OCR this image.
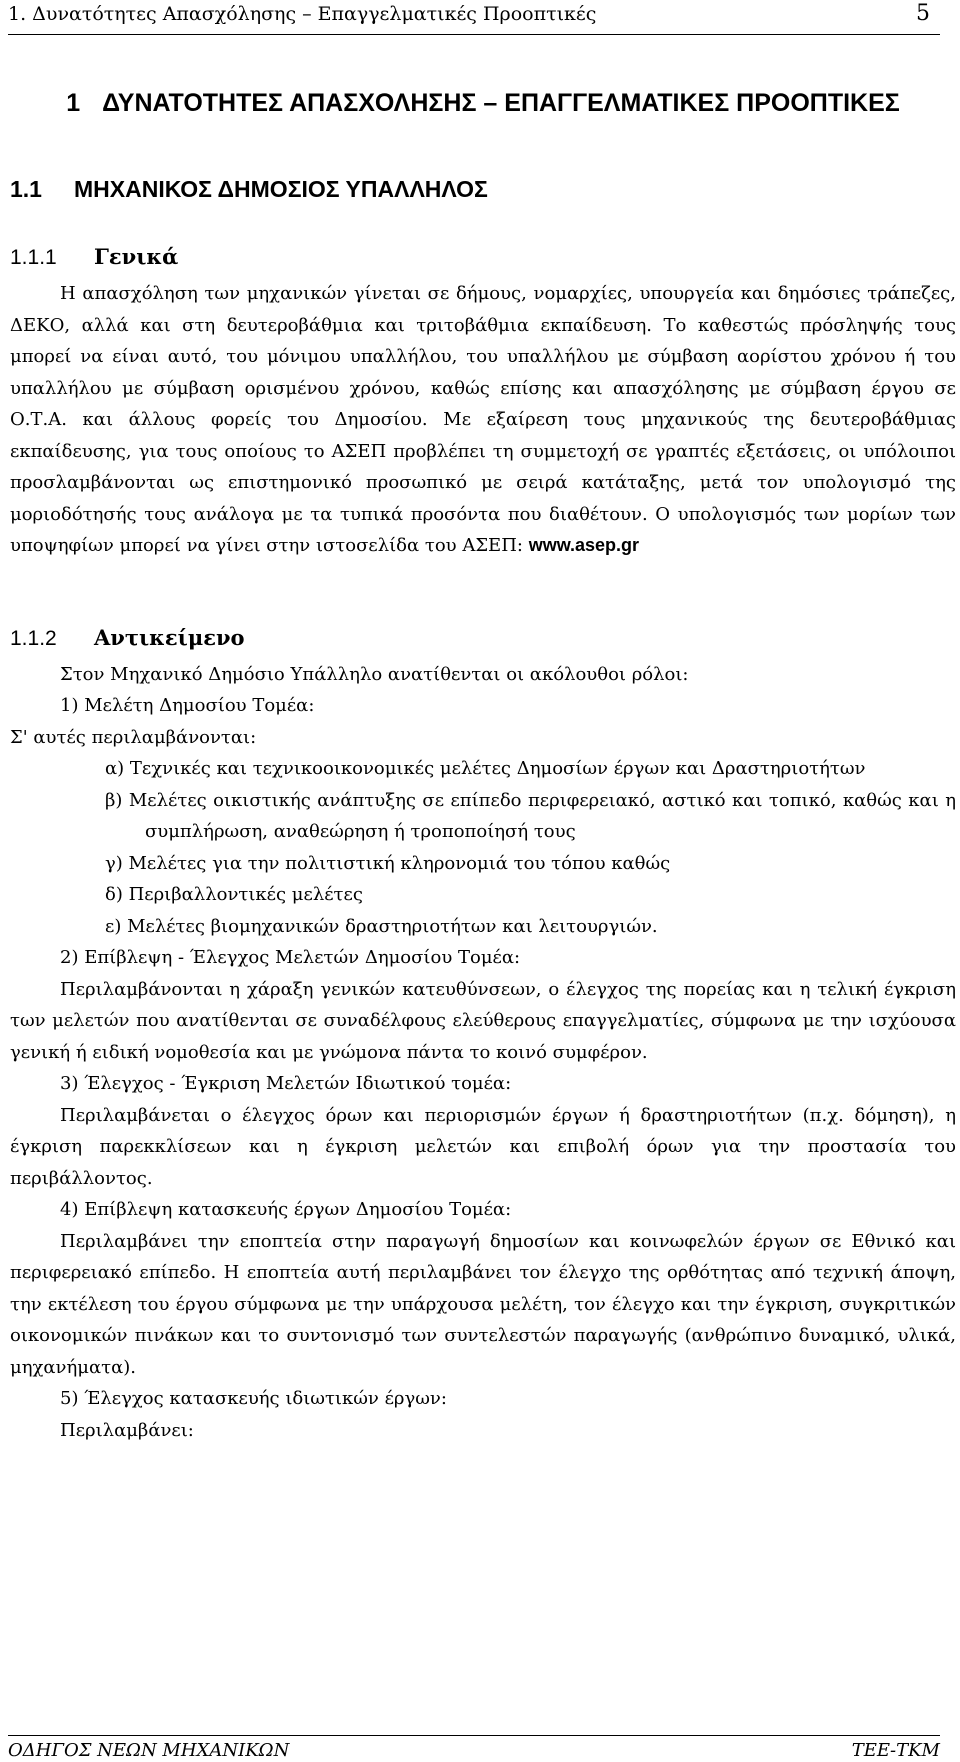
1. Δυνατότητες Απασχόλησης – Επαγγελματικές Προοπτικές	5
1 ΔΥΝΑΤΟΤΗΤΕΣ ΑΠΑΣΧΟΛΗΣΗΣ – ΕΠΑΓΓΕΛΜΑΤΙΚΕΣ ΠΡΟΟΠΤΙΚΕΣ
1.1 ΜΗΧΑΝΙΚΟΣ ΔΗΜΟΣΙΟΣ ΥΠΑΛΛΗΛΟΣ
1.1.1 Γενικά

Η απασχόληση των μηχανικών γίνεται σε δήμους, νομαρχίες, υπουργεία και δημόσιες τράπεζες, ΔΕΚΟ, αλλά και στη δευτεροβάθμια και τριτοβάθμια εκπαίδευση. Το καθεστώς πρόσληψής τους μπορεί να είναι αυτό, του μόνιμου υπαλλήλου, του υπαλλήλου με σύμβαση αορίστου χρόνου ή του υπαλλήλου με σύμβαση ορισμένου χρόνου, καθώς επίσης και απασχόλησης με σύμβαση έργου σε Ο.Τ.Α. και άλλους φορείς του Δημοσίου. Με εξαίρεση τους μηχανικούς της δευτεροβάθμιας εκπαίδευσης, για τους οποίους το ΑΣΕΠ προβλέπει τη συμμετοχή σε γραπτές εξετάσεις, οι υπόλοιποι προσλαμβάνονται ως επιστημονικό προσωπικό με σειρά κατάταξης, μετά τον υπολογισμό της μοριοδότησής τους ανάλογα με τα τυπικά προσόντα που διαθέτουν. Ο υπολογισμός των μορίων των υποψηφίων μπορεί να γίνει στην ιστοσελίδα του ΑΣΕΠ: www.asep.gr

1.1.2 Αντικείμενο

Στον Μηχανικό Δημόσιο Υπάλληλο ανατίθενται οι ακόλουθοι ρόλοι:

1) Μελέτη Δημοσίου Τομέα:

Σ' αυτές περιλαμβάνονται:

α) Τεχνικές και τεχνικοοικονομικές μελέτες Δημοσίων έργων και Δραστηριοτήτων

β) Μελέτες οικιστικής ανάπτυξης σε επίπεδο περιφερειακό, αστικό και τοπικό, καθώς και η συμπλήρωση, αναθεώρηση ή τροποποίησή τους

γ) Μελέτες για την πολιτιστική κληρονομιά του τόπου καθώς

δ) Περιβαλλοντικές μελέτες

ε) Μελέτες βιομηχανικών δραστηριοτήτων και λειτουργιών.

2) Επίβλεψη - Έλεγχος Μελετών Δημοσίου Τομέα:

Περιλαμβάνονται η χάραξη γενικών κατευθύνσεων, ο έλεγχος της πορείας και η τελική έγκριση των μελετών που ανατίθενται σε συναδέλφους ελεύθερους επαγγελματίες, σύμφωνα με την ισχύουσα γενική ή ειδική νομοθεσία και με γνώμονα πάντα το κοινό συμφέρον.

3) Έλεγχος - Έγκριση Μελετών Ιδιωτικού τομέα:

Περιλαμβάνεται ο έλεγχος όρων και περιορισμών έργων ή δραστηριοτήτων (π.χ. δόμηση), η έγκριση παρεκκλίσεων και η έγκριση μελετών και επιβολή όρων για την προστασία του περιβάλλοντος.

4) Επίβλεψη κατασκευής έργων Δημοσίου Τομέα:

Περιλαμβάνει την εποπτεία στην παραγωγή δημοσίων και κοινωφελών έργων σε Εθνικό και περιφερειακό επίπεδο. Η εποπτεία αυτή περιλαμβάνει τον έλεγχο της ορθότητας από τεχνική άποψη, την εκτέλεση του έργου σύμφωνα με την υπάρχουσα μελέτη, τον έλεγχο και την έγκριση, συγκριτικών οικονομικών πινάκων και το συντονισμό των συντελεστών παραγωγής (ανθρώπινο δυναμικό, υλικά, μηχανήματα).

5) Έλεγχος κατασκευής ιδιωτικών έργων:

Περιλαμβάνει:

ΟΔΗΓΟΣ ΝΕΩΝ ΜΗΧΑΝΙΚΩΝ	ΤΕΕ-ΤΚΜ
